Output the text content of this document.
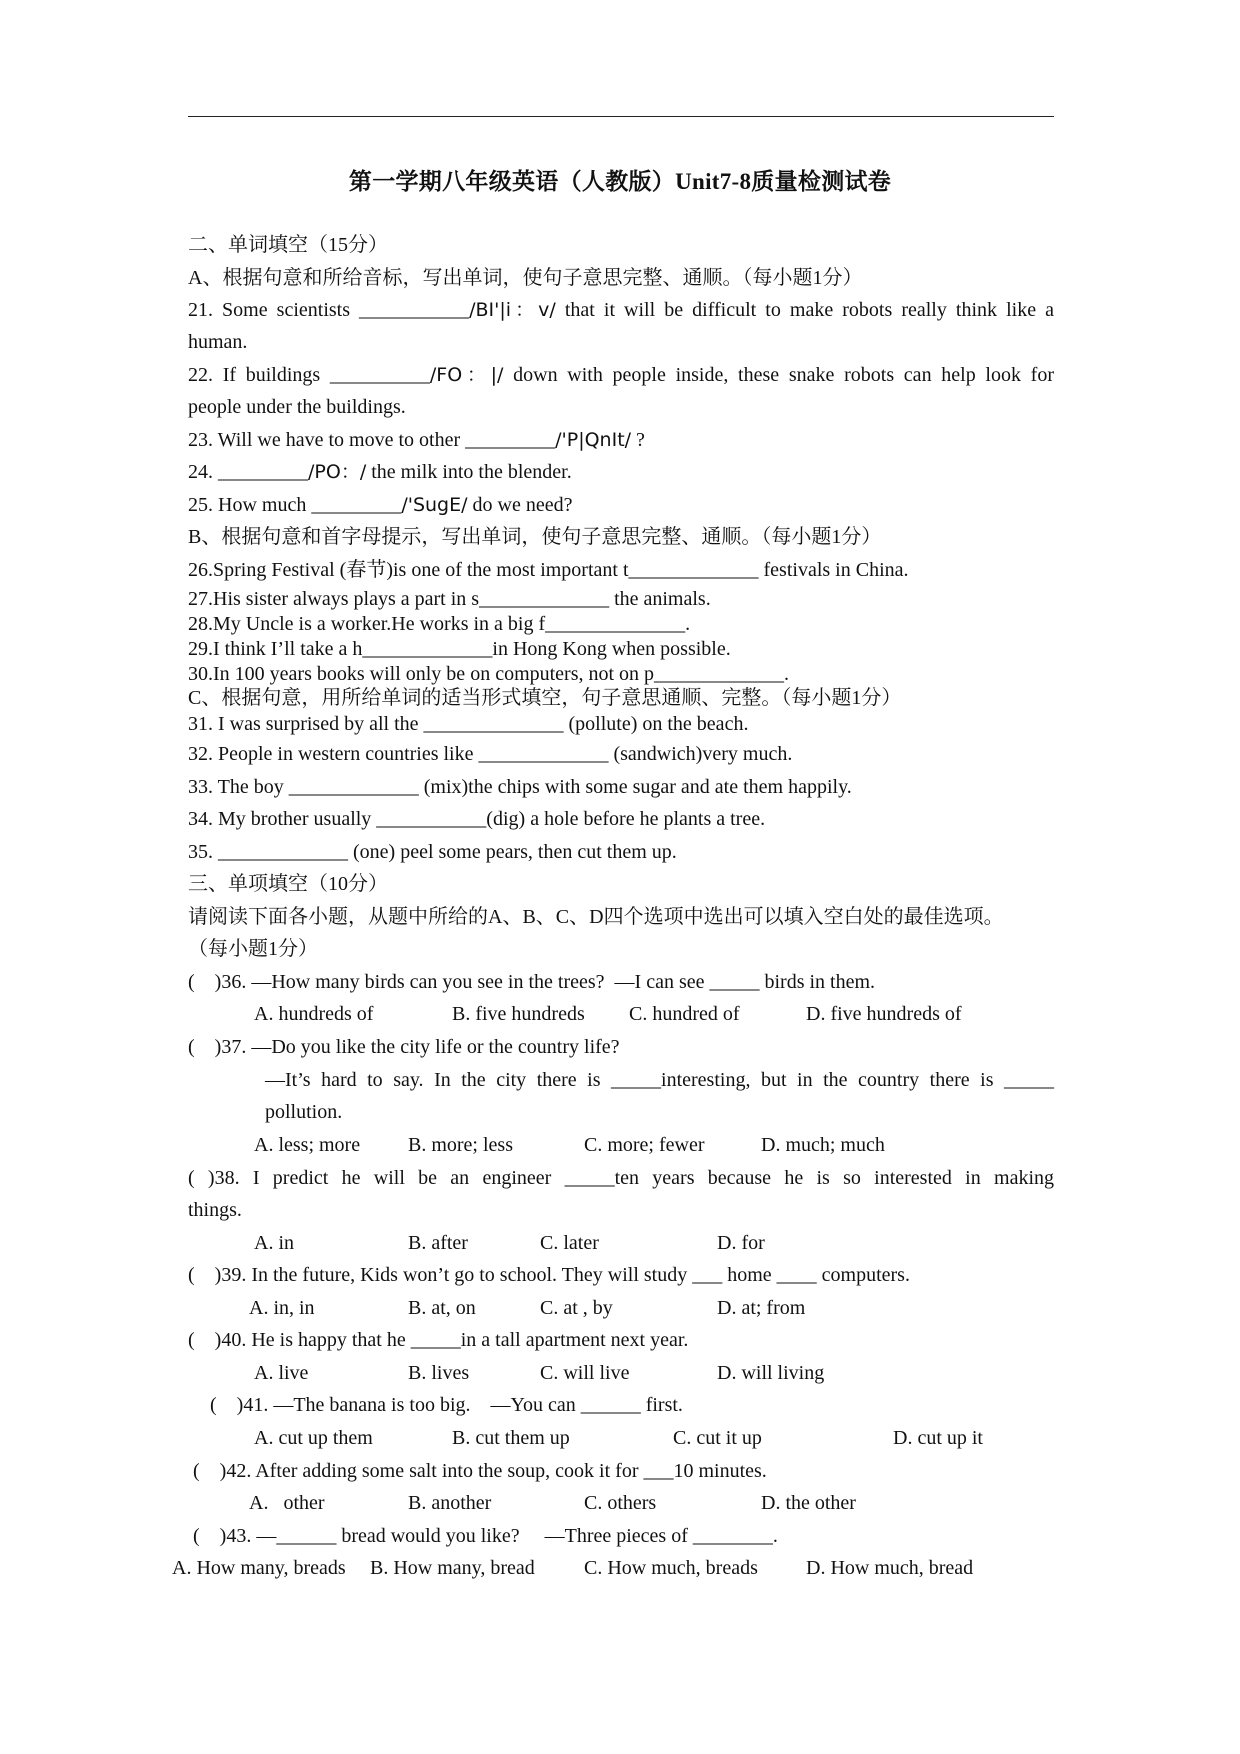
第一学期八年级英语（人教版）Unit7-8质量检测试卷
二、单词填空（15分）
A、根据句意和所给音标，写出单词，使句子意思完整、通顺。（每小题1分）
21. Some scientists ___________/BI'|i：v/ that it will be difficult to make robots really think like a
human.
22. If buildings __________/FO：|/ down with people inside, these snake robots can help look for
people under the buildings.
23. Will we have to move to other _________/'P|QnIt/ ?
24. _________/PO：/ the milk into the blender.
25. How much _________/'SugE/ do we need?
B、根据句意和首字母提示，写出单词，使句子意思完整、通顺。（每小题1分）
26.Spring Festival (春节)is one of the most important t_____________ festivals in China.
27.His sister always plays a part in s_____________ the animals.
28.My Uncle is a worker.He works in a big f______________.
29.I think I’ll take a h_____________in Hong Kong when possible.
30.In 100 years books will only be on computers, not on p_____________.
C、根据句意，用所给单词的适当形式填空，句子意思通顺、完整。（每小题1分）
31. I was surprised by all the ______________ (pollute) on the beach.
32. People in western countries like _____________ (sandwich)very much.
33. The boy _____________ (mix)the chips with some sugar and ate them happily.
34. My brother usually ___________(dig) a hole before he plants a tree.
35. _____________ (one) peel some pears, then cut them up.
三、单项填空（10分）
请阅读下面各小题，从题中所给的A、B、C、D四个选项中选出可以填入空白处的最佳选项。
（每小题1分）
(    )36. —How many birds can you see in the trees?  —I can see _____ birds in them.

A. hundreds of

	B. five hundreds

C. hundred of

	D. five hundreds of

(    )37. —Do you like the city life or the country life?
—It’s hard to say. In the city there is _____interesting, but in the country there is _____
pollution.

A. less; more

B. more; less

	C. more; fewer

	D. much; much

( )38. I predict he will be an engineer _____ten years because he is so interested in making
things.

A. in

	B. after

	C. later

	D. for

(    )39. In the future, Kids won’t go to school. They will study ___ home ____ computers.

A. in, in

	B. at, on

	C. at , by

	D. at; from

(    )40. He is happy that he _____in a tall apartment next year.

A. live

	B. lives

	C. will live

	D. will living

(    )41. —The banana is too big.    —You can ______ first.

A. cut up them

	B. cut them up

	C. cut it up

	D. cut up it

(    )42. After adding some salt into the soup, cook it for ___10 minutes.

A.   other

	B. another

	C. others

	D. the other

(    )43. —______ bread would you like?     —Three pieces of ________.

A. How many, breads

B. How many, bread

C. How much, breads

D. How much, bread
